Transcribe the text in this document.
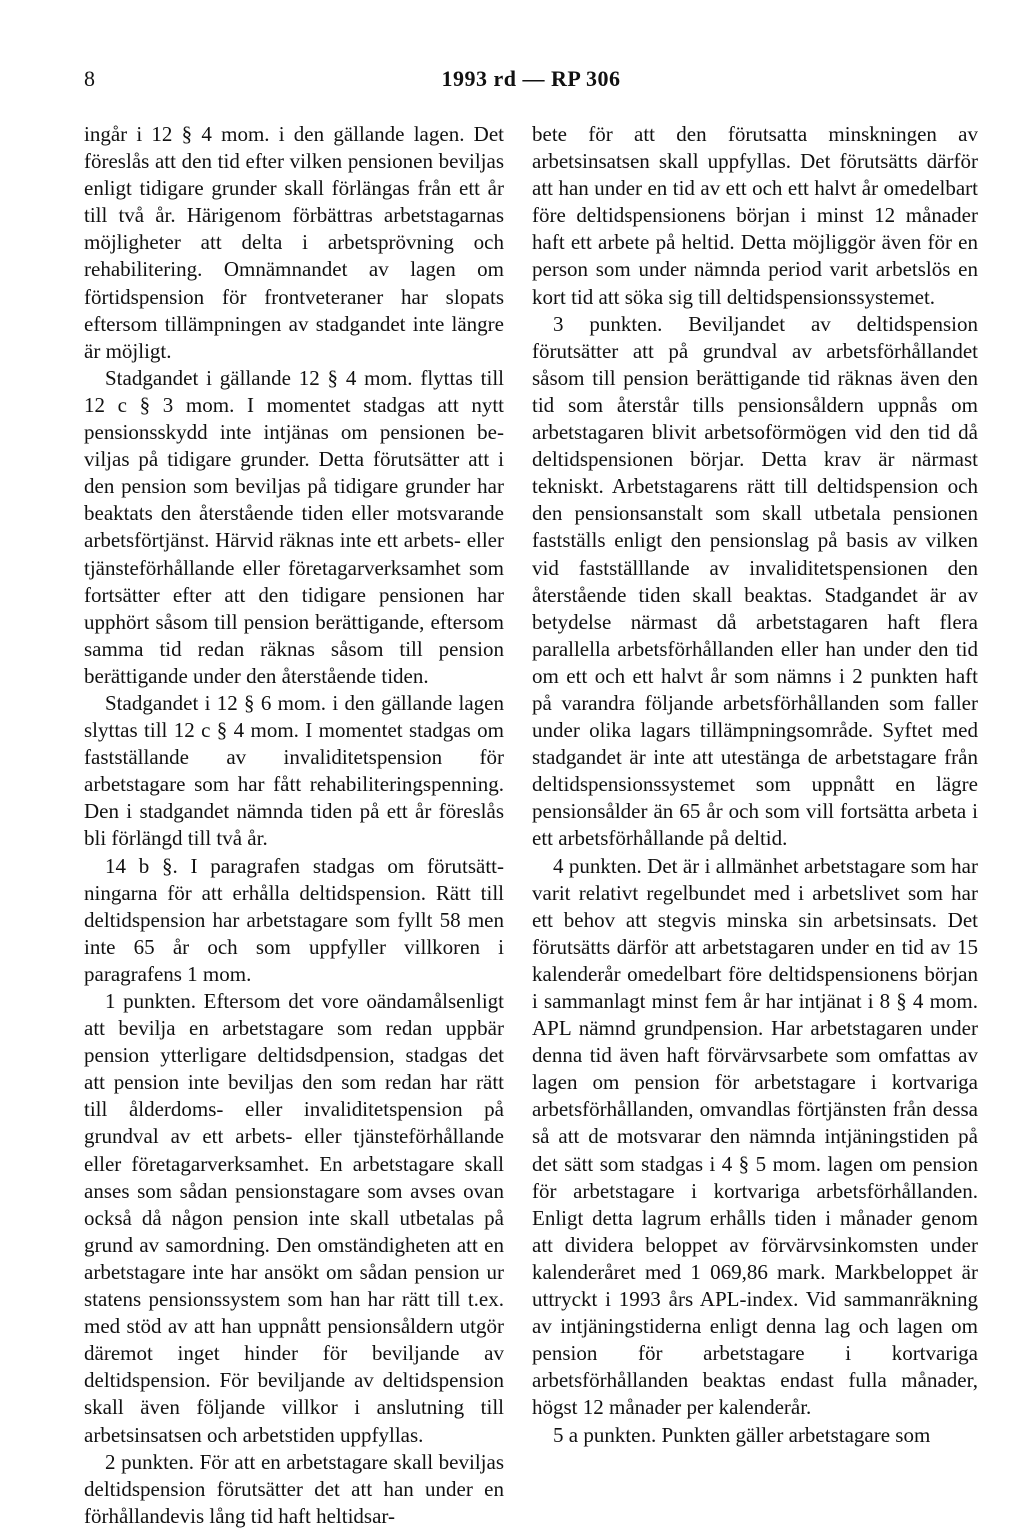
8	1993 rd — RP 306

ingår i 12 § 4 mom. i den gällande lagen. Det föreslås att den tid efter vilken pensionen beviljas enligt tidigare grunder skall förlängas från ett år till två år. Härigenom förbättras arbetstagarnas möjligheter att delta i arbetsprövning och rehabilitering. Omnämnandet av lagen om förtidspension för frontveteraner har slopats eftersom tillämpningen av stadgandet inte längre är möjligt.

Stadgandet i gällande 12 § 4 mom. flyttas till 12 c § 3 mom. I momentet stadgas att nytt pensionsskydd inte intjänas om pensionen beviljas på tidigare grunder. Detta förutsätter att i den pension som beviljas på tidigare grunder har beaktats den återstående tiden eller motsvarande arbetsförtjänst. Härvid räknas inte ett arbets- eller tjänsteförhållande eller företagarverksamhet som fortsätter efter att den tidigare pensionen har upphört såsom till pension berättigande, eftersom samma tid redan räknas såsom till pension berättigande under den återstående tiden.

Stadgandet i 12 § 6 mom. i den gällande lagen slyttas till 12 c § 4 mom. I momentet stadgas om fastställande av invaliditetspension för arbetstagare som har fått rehabiliteringspenning. Den i stadgandet nämnda tiden på ett år föreslås bli förlängd till två år.

14 b §. I paragrafen stadgas om förutsättningarna för att erhålla deltidspension. Rätt till deltidspension har arbetstagare som fyllt 58 men inte 65 år och som uppfyller villkoren i paragrafens 1 mom.

1 punkten. Eftersom det vore oändamålsenligt att bevilja en arbetstagare som redan uppbär pension ytterligare deltidsdpension, stadgas det att pension inte beviljas den som redan har rätt till ålderdoms- eller invaliditetspension på grundval av ett arbets- eller tjänsteförhållande eller företagarverksamhet. En arbetstagare skall anses som sådan pensionstagare som avses ovan också då någon pension inte skall utbetalas på grund av samordning. Den omständigheten att en arbetstagare inte har ansökt om sådan pension ur statens pensionssystem som han har rätt till t.ex. med stöd av att han uppnått pensionsåldern utgör däremot inget hinder för beviljande av deltidspension. För beviljande av deltidspension skall även följande villkor i anslutning till arbetsinsatsen och arbetstiden uppfyllas.

2 punkten. För att en arbetstagare skall beviljas deltidspension förutsätter det att han under en förhållandevis lång tid haft heltidsar-

bete för att den förutsatta minskningen av arbetsinsatsen skall uppfyllas. Det förutsätts därför att han under en tid av ett och ett halvt år omedelbart före deltidspensionens början i minst 12 månader haft ett arbete på heltid. Detta möjliggör även för en person som under nämnda period varit arbetslös en kort tid att söka sig till deltidspensionssystemet.

3 punkten. Beviljandet av deltidspension förutsätter att på grundval av arbetsförhållandet såsom till pension berättigande tid räknas även den tid som återstår tills pensionsåldern uppnås om arbetstagaren blivit arbetsoförmögen vid den tid då deltidspensionen börjar. Detta krav är närmast tekniskt. Arbetstagarens rätt till deltidspension och den pensionsanstalt som skall utbetala pensionen fastställs enligt den pensionslag på basis av vilken vid fastställlande av invaliditetspensionen den återstående tiden skall beaktas. Stadgandet är av betydelse närmast då arbetstagaren haft flera parallella arbetsförhållanden eller han under den tid om ett och ett halvt år som nämns i 2 punkten haft på varandra följande arbetsförhållanden som faller under olika lagars tillämpningsområde. Syftet med stadgandet är inte att utestänga de arbetstagare från deltidspensionssystemet som uppnått en lägre pensionsålder än 65 år och som vill fortsätta arbeta i ett arbetsförhållande på deltid.

4 punkten. Det är i allmänhet arbetstagare som har varit relativt regelbundet med i arbetslivet som har ett behov att stegvis minska sin arbetsinsats. Det förutsätts därför att arbetstagaren under en tid av 15 kalenderår omedelbart före deltidspensionens början i sammanlagt minst fem år har intjänat i 8 § 4 mom. APL nämnd grundpension. Har arbetstagaren under denna tid även haft förvärvsarbete som omfattas av lagen om pension för arbetstagare i kortvariga arbetsförhållanden, omvandlas förtjänsten från dessa så att de motsvarar den nämnda intjäningstiden på det sätt som stadgas i 4 § 5 mom. lagen om pension för arbetstagare i kortvariga arbetsförhållanden. Enligt detta lagrum erhålls tiden i månader genom att dividera beloppet av förvärvsinkomsten under kalenderåret med 1 069,86 mark. Markbeloppet är uttryckt i 1993 års APL-index. Vid sammanräkning av intjäningstiderna enligt denna lag och lagen om pension för arbetstagare i kortvariga arbetsförhållanden beaktas endast fulla månader, högst 12 månader per kalenderår.

5 a punkten. Punkten gäller arbetstagare som
